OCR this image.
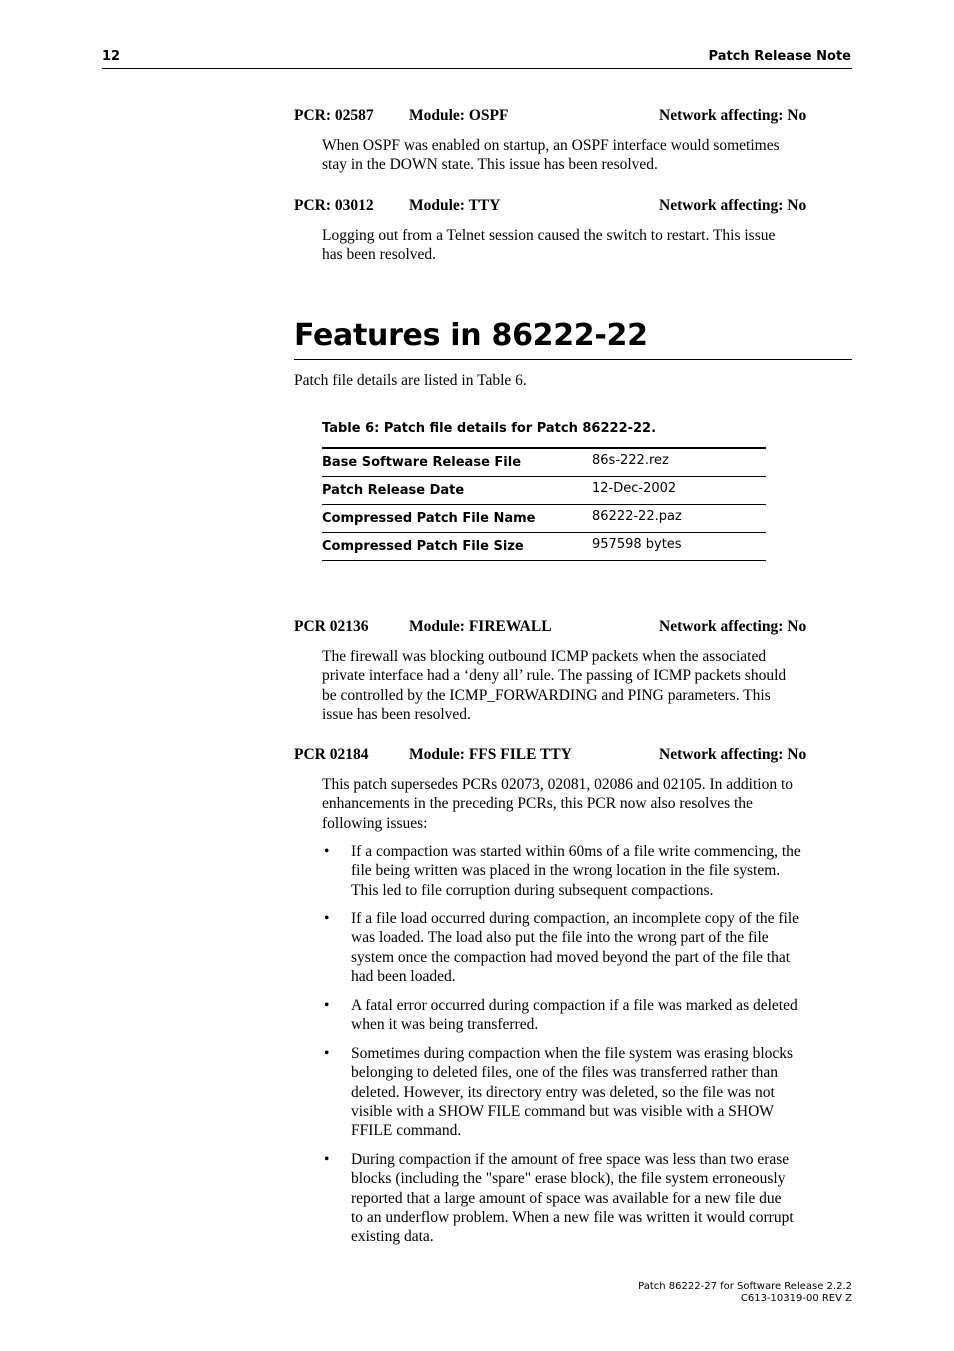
12	Patch Release Note
PCR: 02587 Module: OSPF	Network affecting: No
When OSPF was enabled on startup, an OSPF interface would sometimes
stay in the DOWN state. This issue has been resolved.
PCR: 03012 Module: TTY	Network affecting: No
Logging out from a Telnet session caused the switch to restart. This issue
has been resolved.
Features in 86222-22
Patch file details are listed in Table 6.
Table 6: Patch file details for Patch 86222-22.
Base Software Release File	86s-222.rez
Patch Release Date	12-Dec-2002
Compressed Patch File Name	86222-22.paz
Compressed Patch File Size	957598 bytes
PCR 02136	Module: FIREWALL	Network affecting: No
The firewall was blocking outbound ICMP packets when the associated
private interface had a ‘deny all’ rule. The passing of ICMP packets should
be controlled by the ICMP_FORWARDING and PING parameters. This
issue has been resolved.
PCR 02184	Module: FFS FILE TTY	Network affecting: No
This patch supersedes PCRs 02073, 02081, 02086 and 02105. In addition to
enhancements in the preceding PCRs, this PCR now also resolves the
following issues:
• If a compaction was started within 60ms of a file write commencing, the
file being written was placed in the wrong location in the file system.
This led to file corruption during subsequent compactions.
• If a file load occurred during compaction, an incomplete copy of the file
was loaded. The load also put the file into the wrong part of the file
system once the compaction had moved beyond the part of the file that
had been loaded.
• A fatal error occurred during compaction if a file was marked as deleted
when it was being transferred.
• Sometimes during compaction when the file system was erasing blocks
belonging to deleted files, one of the files was transferred rather than
deleted. However, its directory entry was deleted, so the file was not
visible with a SHOW FILE command but was visible with a SHOW
FFILE command.
• During compaction if the amount of free space was less than two erase
blocks (including the "spare" erase block), the file system erroneously
reported that a large amount of space was available for a new file due
to an underflow problem. When a new file was written it would corrupt
existing data.
Patch 86222-27 for Software Release 2.2.2
C613-10319-00 REV Z
